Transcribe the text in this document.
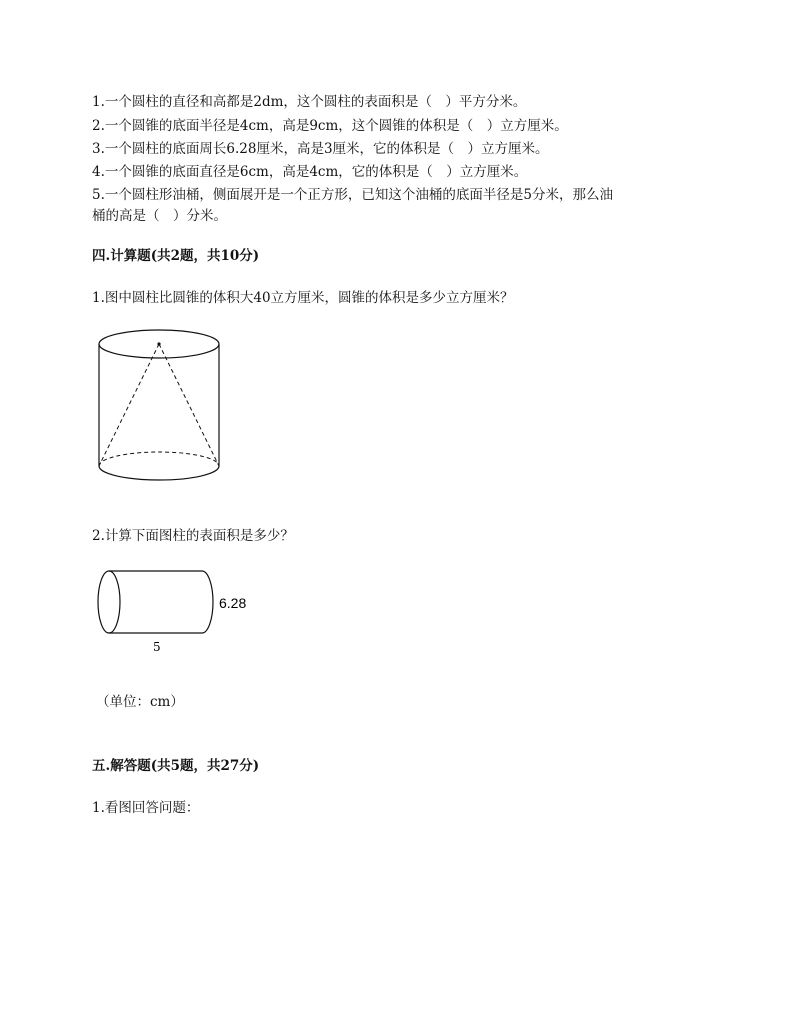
1.一个圆柱的直径和高都是2dm，这个圆柱的表面积是（　）平方分米。
2.一个圆锥的底面半径是4cm，高是9cm，这个圆锥的体积是（　）立方厘米。
3.一个圆柱的底面周长6.28厘米，高是3厘米，它的体积是（　）立方厘米。
4.一个圆锥的底面直径是6cm，高是4cm，它的体积是（　）立方厘米。
5.一个圆柱形油桶，侧面展开是一个正方形，已知这个油桶的底面半径是5分米，那么油
桶的高是（　）分米。
四.计算题(共2题，共10分)
1.图中圆柱比圆锥的体积大40立方厘米，圆锥的体积是多少立方厘米？
2.计算下面图柱的表面积是多少？
6.28
5
（单位：cm）
五.解答题(共5题，共27分)
1.看图回答问题：
